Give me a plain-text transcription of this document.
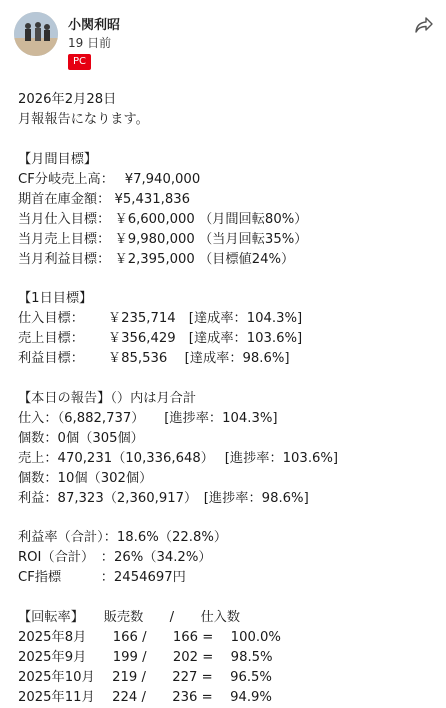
小関利昭
19 日前
PC
2026年2月28日
月報報告になります。
【月間目標】
CF分岐売上高：　 ¥7,940,000
期首在庫金額： ¥5,431,836
当月仕入目標： ￥6,600,000 （月間回転80%）
当月売上目標： ￥9,980,000 （当月回転35%）
当月利益目標： ￥2,395,000 （目標値24%）
【1日目標】
仕入目標：　　 ￥235,714　[達成率：104.3%]
売上目標：　　 ￥356,429　[達成率：103.6%]
利益目標：　　 ￥85,536　 [達成率：98.6%]
【本日の報告】（）内は月合計
仕入：（6,882,737）　　[進捗率：104.3%]
個数：0個（305個）
売上：470,231（10,336,648）　 [進捗率：103.6%]
個数：10個（302個）
利益：87,323（2,360,917）　[進捗率：98.6%]
利益率（合計）：18.6%（22.8%）
ROI（合計）　：26%（34.2%）
CF指標　　　：2454697円
【回転率】　　販売数　　/　　仕入数
2025年8月　　166 /　　166 =　 100.0%
2025年9月　　199 /　　202 =　 98.5%
2025年10月　 219 /　　227 =　 96.5%
2025年11月　 224 /　　236 =　 94.9%
